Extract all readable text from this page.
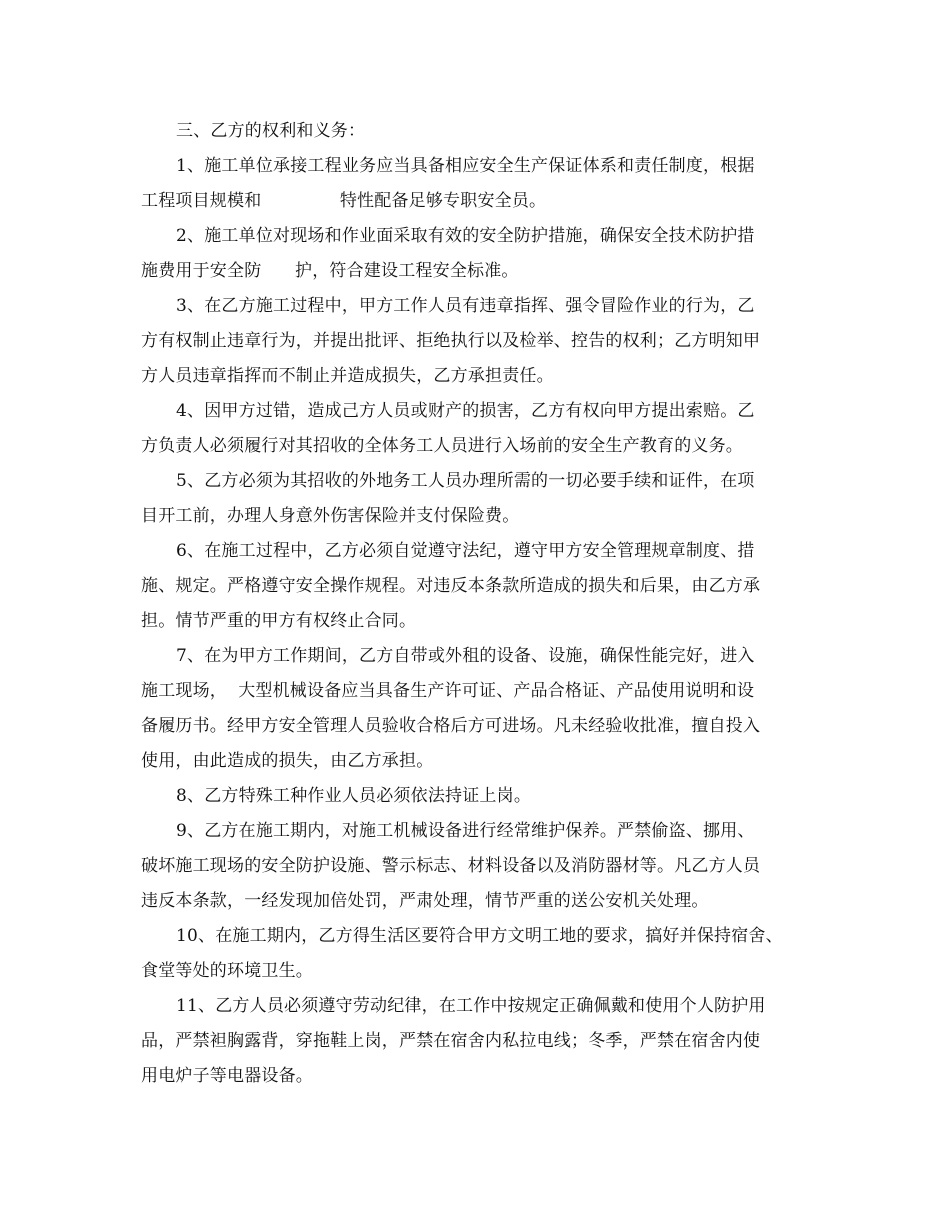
三、乙方的权利和义务：
1、施工单位承接工程业务应当具备相应安全生产保证体系和责任制度，根据
工程项目规模和              特性配备足够专职安全员。
2、施工单位对现场和作业面采取有效的安全防护措施，确保安全技术防护措
施费用于安全防      护，符合建设工程安全标准。
3、在乙方施工过程中，甲方工作人员有违章指挥、强令冒险作业的行为，乙
方有权制止违章行为，并提出批评、拒绝执行以及检举、控告的权利；乙方明知甲
方人员违章指挥而不制止并造成损失，乙方承担责任。
4、因甲方过错，造成己方人员或财产的损害，乙方有权向甲方提出索赔。乙
方负责人必须履行对其招收的全体务工人员进行入场前的安全生产教育的义务。
5、乙方必须为其招收的外地务工人员办理所需的一切必要手续和证件，在项
目开工前，办理人身意外伤害保险并支付保险费。
6、在施工过程中，乙方必须自觉遵守法纪，遵守甲方安全管理规章制度、措
施、规定。严格遵守安全操作规程。对违反本条款所造成的损失和后果，由乙方承
担。情节严重的甲方有权终止合同。
7、在为甲方工作期间，乙方自带或外租的设备、设施，确保性能完好，进入
施工现场，  大型机械设备应当具备生产许可证、产品合格证、产品使用说明和设
备履历书。经甲方安全管理人员验收合格后方可进场。凡未经验收批准，擅自投入
使用，由此造成的损失，由乙方承担。
8、乙方特殊工种作业人员必须依法持证上岗。
9、乙方在施工期内，对施工机械设备进行经常维护保养。严禁偷盗、挪用、
破坏施工现场的安全防护设施、警示标志、材料设备以及消防器材等。凡乙方人员
违反本条款，一经发现加倍处罚，严肃处理，情节严重的送公安机关处理。
10、在施工期内，乙方得生活区要符合甲方文明工地的要求，搞好并保持宿舍、
食堂等处的环境卫生。
11、乙方人员必须遵守劳动纪律，在工作中按规定正确佩戴和使用个人防护用
品，严禁袒胸露背，穿拖鞋上岗，严禁在宿舍内私拉电线；冬季，严禁在宿舍内使
用电炉子等电器设备。
